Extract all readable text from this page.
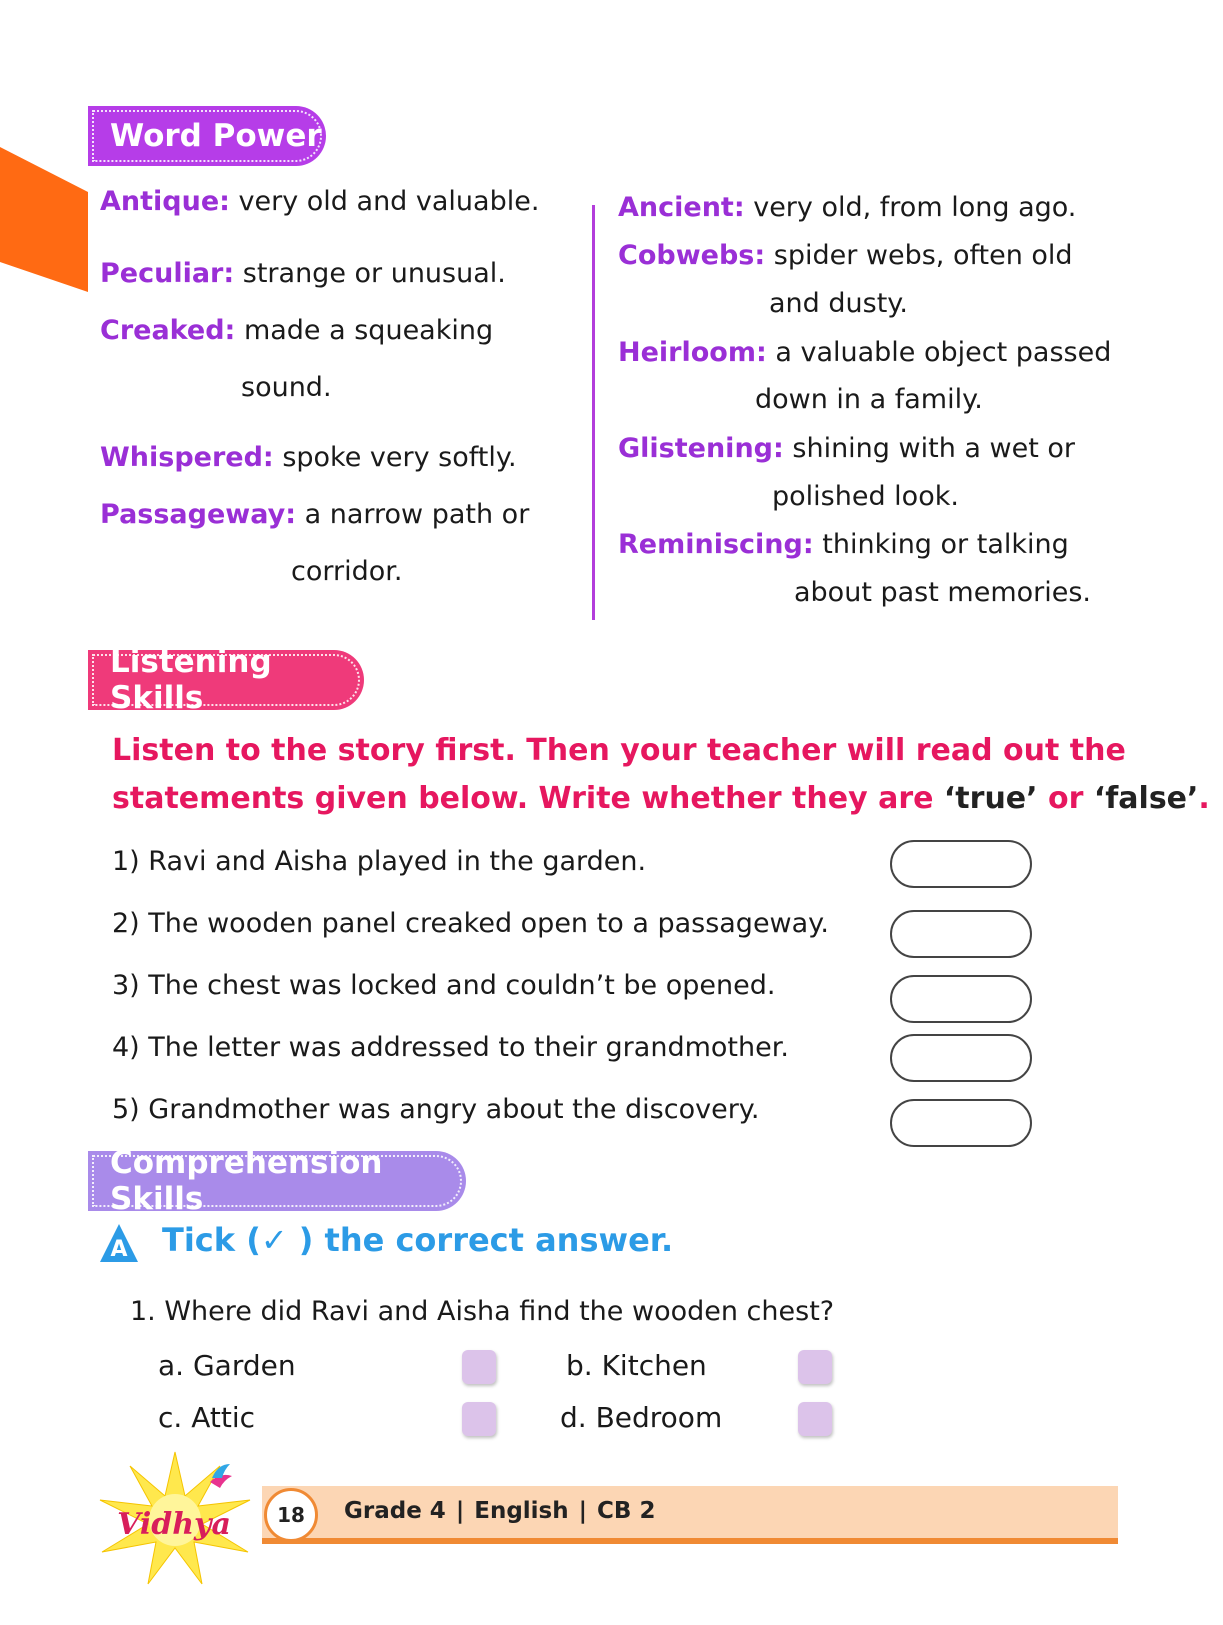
Word Power
Antique: very old and valuable.
Peculiar: strange or unusual.
Creaked: made a squeaking
sound.
Whispered: spoke very softly.
Passageway: a narrow path or
corridor.
Ancient: very old, from long ago.
Cobwebs: spider webs, often old
and dusty.
Heirloom: a valuable object passed
down in a family.
Glistening: shining with a wet or
polished look.
Reminiscing: thinking or talking
about past memories.
Listening Skills
Listen to the story first. Then your teacher will read out the
statements given below. Write whether they are ‘true’ or ‘false’.
1) Ravi and Aisha played in the garden.
2) The wooden panel creaked open to a passageway.
3) The chest was locked and couldn’t be opened.
4) The letter was addressed to their grandmother.
5) Grandmother was angry about the discovery.
Comprehension Skills
A Tick (✓ ) the correct answer.
1. Where did Ravi and Aisha find the wooden chest?
a. Garden	b. Kitchen
c. Attic	d. Bedroom
18	Grade 4 | English | CB 2
Vidhya
